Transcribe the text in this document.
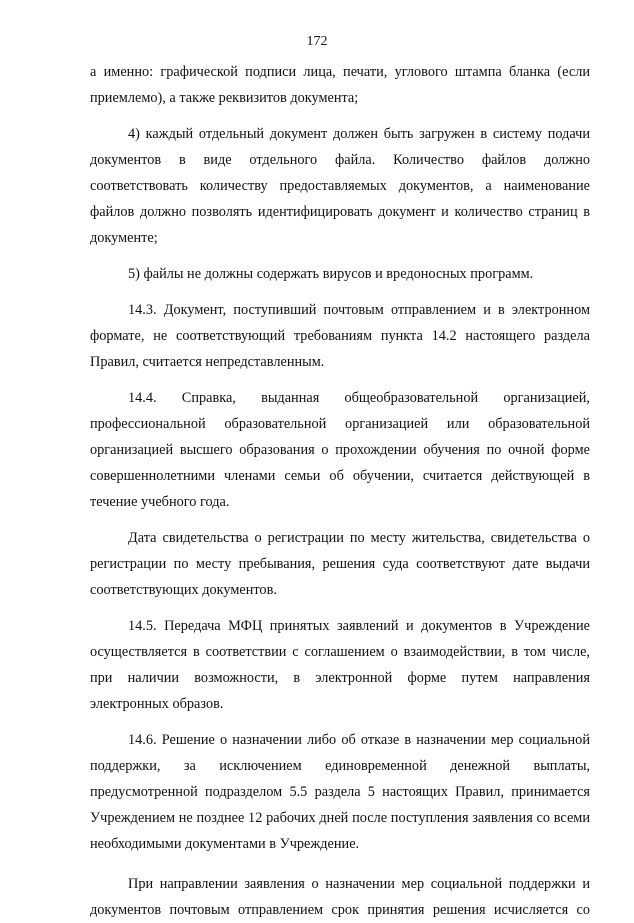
172

а именно: графической подписи лица, печати, углового штампа бланка (если приемлемо), а также реквизитов документа;

4) каждый отдельный документ должен быть загружен в систему подачи документов в виде отдельного файла. Количество файлов должно соответствовать количеству предоставляемых документов, а наименование файлов должно позволять идентифицировать документ и количество страниц в документе;

5) файлы не должны содержать вирусов и вредоносных программ.

14.3. Документ, поступивший почтовым отправлением и в электронном формате, не соответствующий требованиям пункта 14.2 настоящего раздела Правил, считается непредставленным.

14.4. Справка, выданная общеобразовательной организацией, профессиональной образовательной организацией или образовательной организацией высшего образования о прохождении обучения по очной форме совершеннолетними членами семьи об обучении, считается действующей в течение учебного года.

Дата свидетельства о регистрации по месту жительства, свидетельства о регистрации по месту пребывания, решения суда соответствуют дате выдачи соответствующих документов.

14.5. Передача МФЦ принятых заявлений и документов в Учреждение осуществляется в соответствии с соглашением о взаимодействии, в том числе, при наличии возможности, в электронной форме путем направления электронных образов.

14.6. Решение о назначении либо об отказе в назначении мер социальной поддержки, за исключением единовременной денежной выплаты, предусмотренной подразделом 5.5 раздела 5 настоящих Правил, принимается Учреждением не позднее 12 рабочих дней после поступления заявления со всеми необходимыми документами в Учреждение.

При направлении заявления о назначении мер социальной поддержки и документов почтовым отправлением срок принятия решения исчисляется со
